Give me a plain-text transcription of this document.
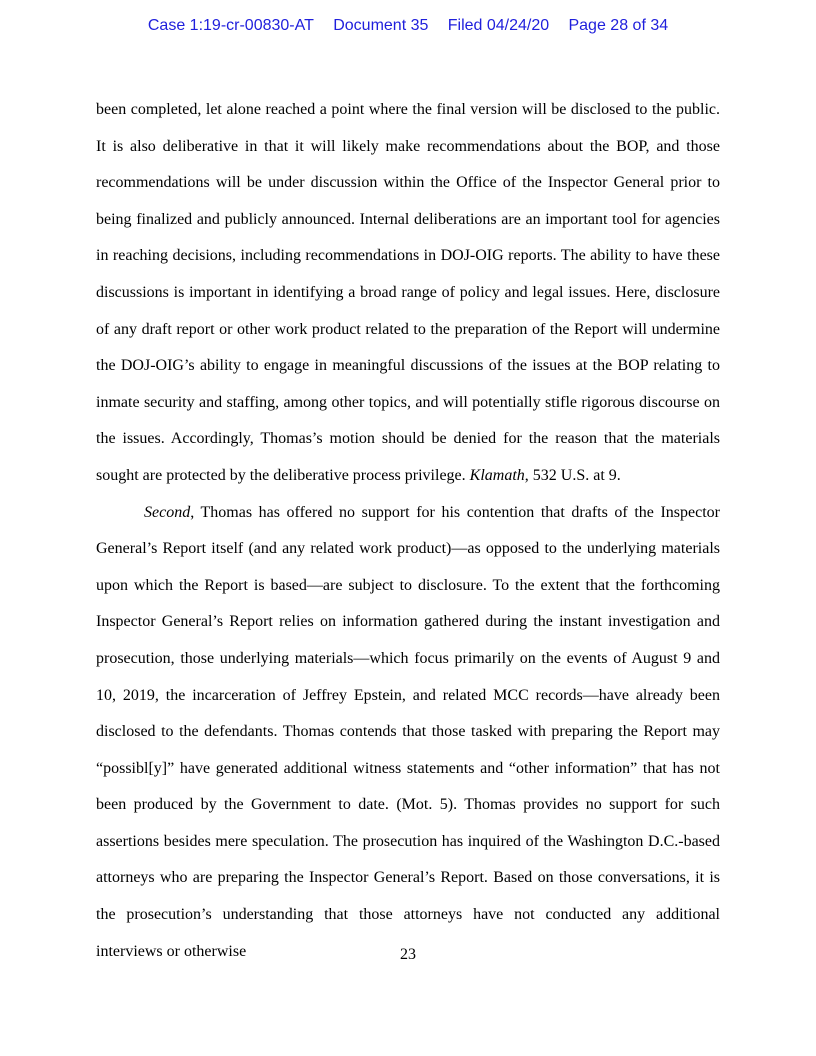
Case 1:19-cr-00830-AT Document 35 Filed 04/24/20 Page 28 of 34

been completed, let alone reached a point where the final version will be disclosed to the public. It is also deliberative in that it will likely make recommendations about the BOP, and those recommendations will be under discussion within the Office of the Inspector General prior to being finalized and publicly announced. Internal deliberations are an important tool for agencies in reaching decisions, including recommendations in DOJ-OIG reports. The ability to have these discussions is important in identifying a broad range of policy and legal issues. Here, disclosure of any draft report or other work product related to the preparation of the Report will undermine the DOJ-OIG’s ability to engage in meaningful discussions of the issues at the BOP relating to inmate security and staffing, among other topics, and will potentially stifle rigorous discourse on the issues. Accordingly, Thomas’s motion should be denied for the reason that the materials sought are protected by the deliberative process privilege. Klamath, 532 U.S. at 9.

Second, Thomas has offered no support for his contention that drafts of the Inspector General’s Report itself (and any related work product)—as opposed to the underlying materials upon which the Report is based—are subject to disclosure. To the extent that the forthcoming Inspector General’s Report relies on information gathered during the instant investigation and prosecution, those underlying materials—which focus primarily on the events of August 9 and 10, 2019, the incarceration of Jeffrey Epstein, and related MCC records—have already been disclosed to the defendants. Thomas contends that those tasked with preparing the Report may “possibl[y]” have generated additional witness statements and “other information” that has not been produced by the Government to date. (Mot. 5). Thomas provides no support for such assertions besides mere speculation. The prosecution has inquired of the Washington D.C.-based attorneys who are preparing the Inspector General’s Report. Based on those conversations, it is the prosecution’s understanding that those attorneys have not conducted any additional interviews or otherwise	23
